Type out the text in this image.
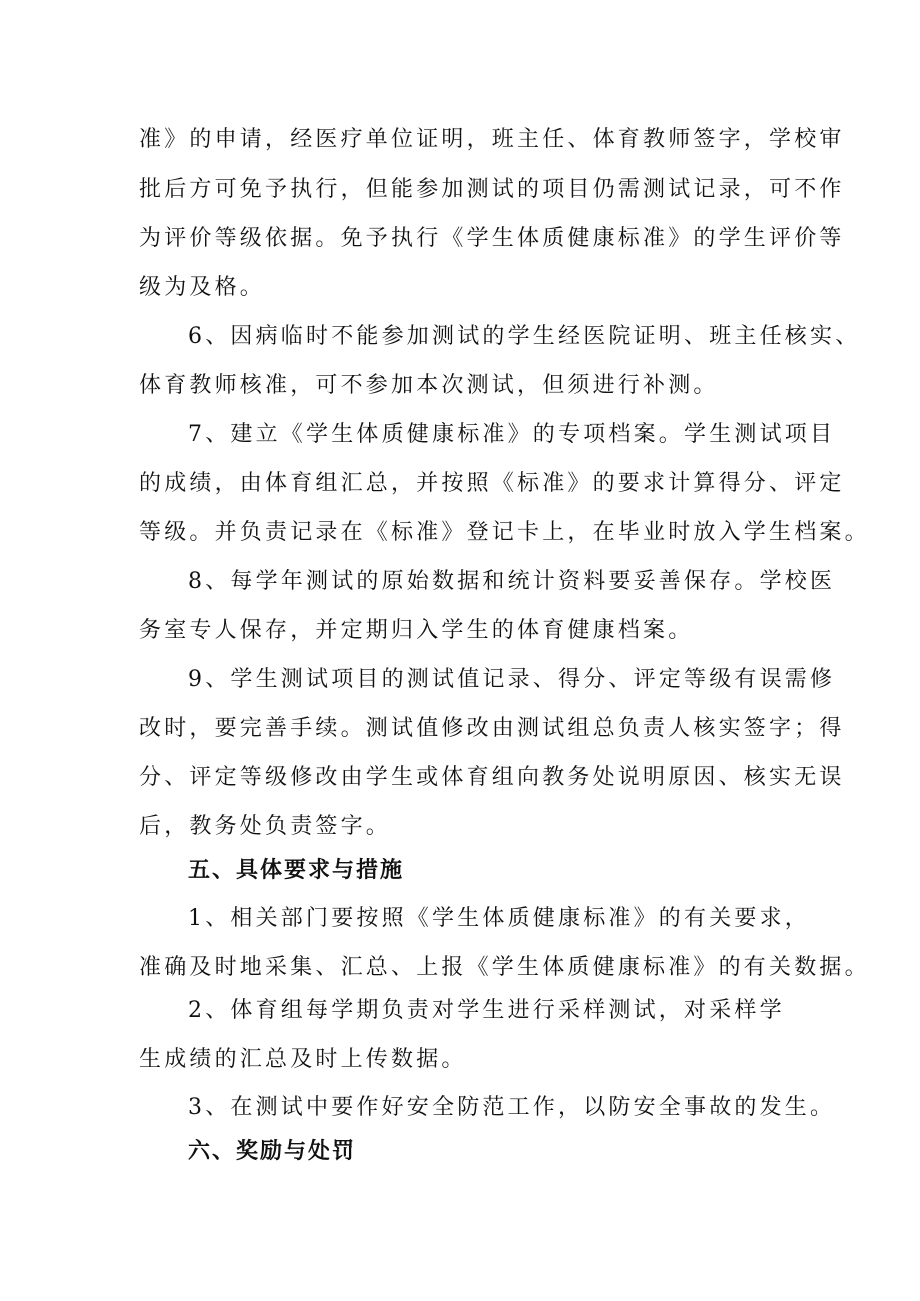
准》的申请，经医疗单位证明，班主任、体育教师签字，学校审
批后方可免予执行，但能参加测试的项目仍需测试记录，可不作
为评价等级依据。免予执行《学生体质健康标准》的学生评价等
级为及格。
6、因病临时不能参加测试的学生经医院证明、班主任核实、
体育教师核准，可不参加本次测试，但须进行补测。
7、建立《学生体质健康标准》的专项档案。学生测试项目
的成绩，由体育组汇总，并按照《标准》的要求计算得分、评定
等级。并负责记录在《标准》登记卡上，在毕业时放入学生档案。
8、每学年测试的原始数据和统计资料要妥善保存。学校医
务室专人保存，并定期归入学生的体育健康档案。
9、学生测试项目的测试值记录、得分、评定等级有误需修
改时，要完善手续。测试值修改由测试组总负责人核实签字；得
分、评定等级修改由学生或体育组向教务处说明原因、核实无误
后，教务处负责签字。
五、具体要求与措施
1、相关部门要按照《学生体质健康标准》的有关要求，
准确及时地采集、汇总、上报《学生体质健康标准》的有关数据。
2、体育组每学期负责对学生进行采样测试，对采样学
生成绩的汇总及时上传数据。
3、在测试中要作好安全防范工作，以防安全事故的发生。
六、奖励与处罚
